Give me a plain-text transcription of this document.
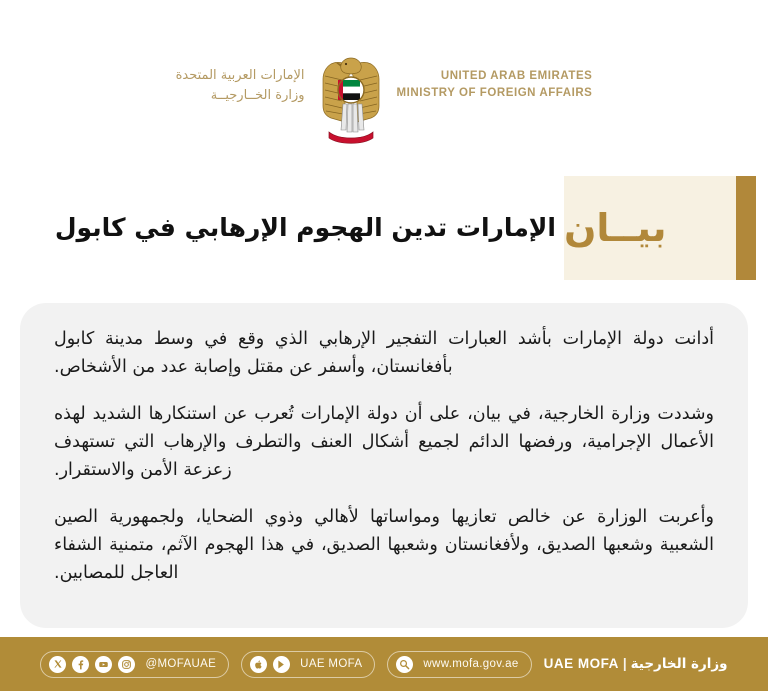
UNITED ARAB EMIRATES
MINISTRY OF FOREIGN AFFAIRS
الإمارات العربية المتحدة
وزارة الخــارجيــة
بيــان
الإمارات تدين الهجوم الإرهابي في كابول

أدانت دولة الإمارات بأشد العبارات التفجير الإرهابي الذي وقع في وسط مدينة كابول بأفغانستان، وأسفر عن مقتل وإصابة عدد من الأشخاص.

وشددت وزارة الخارجية، في بيان، على أن دولة الإمارات تُعرب عن استنكارها الشديد لهذه الأعمال الإجرامية، ورفضها الدائم لجميع أشكال العنف والتطرف والإرهاب التي تستهدف زعزعة الأمن والاستقرار.

وأعربت الوزارة عن خالص تعازيها ومواساتها لأهالي وذوي الضحايا، ولجمهورية الصين الشعبية وشعبها الصديق، ولأفغانستان وشعبها الصديق، في هذا الهجوم الآثم، متمنية الشفاء العاجل للمصابين.

وزارة الخارجية|UAE MOFA
www.mofa.gov.ae
UAE MOFA
@MOFAUAE
